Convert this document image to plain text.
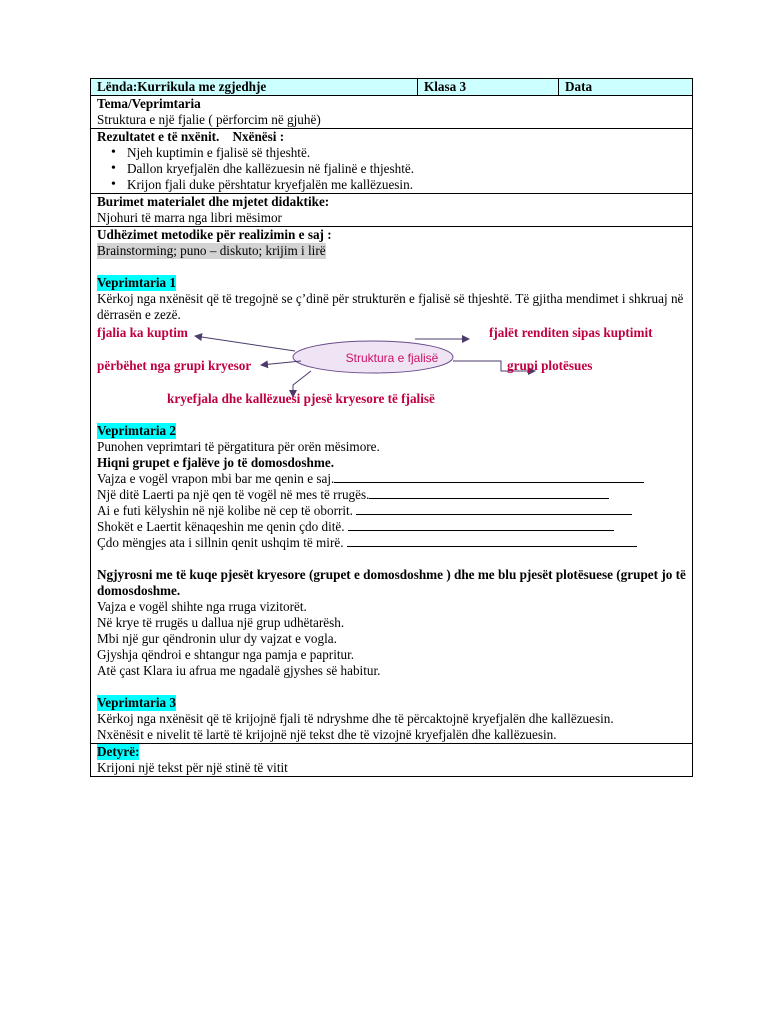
Lënda:Kurrikula me zgjedhje	Klasa 3	Data

Tema/Veprimtaria
Struktura e një fjalie ( përforcim në gjuhë)

Rezultatet e të nxënit. Nxënësi :
• Njeh kuptimin e fjalisë së thjeshtë.
• Dallon kryefjalën dhe kallëzuesin në fjalinë e thjeshtë.
• Krijon fjali duke përshtatur kryefjalën me kallëzuesin.

Burimet materialet dhe mjetet didaktike:
Njohuri të marra nga libri mësimor

Udhëzimet metodike për realizimin e saj :
Brainstorming; puno – diskuto; krijim i lirë
Veprimtaria 1
Kërkoj nga nxënësit që të tregojnë se ç’dinë për strukturën e fjalisë së thjeshtë. Të gjitha mendimet i shkruaj në dërrasën e zezë.
Struktura e fjalisë
fjalia ka kuptim
përbëhet nga grupi kryesor
fjalët renditen sipas kuptimit
grupi plotësues
kryefjala dhe kallëzuesi pjesë kryesore të fjalisë
Veprimtaria 2
Punohen veprimtari të përgatitura për orën mësimore.
Hiqni grupet e fjalëve jo të domosdoshme.
Vajza e vogël vrapon mbi bar me qenin e saj.
Një ditë Laerti pa një qen të vogël në mes të rrugës.
Ai e futi këlyshin në një kolibe në cep të oborrit.
Shokët e Laertit kënaqeshin me qenin çdo ditë.
Çdo mëngjes ata i sillnin qenit ushqim të mirë.
Ngjyrosni me të kuqe pjesët kryesore (grupet e domosdoshme ) dhe me blu pjesët plotësuese (grupet jo të domosdoshme.
Vajza e vogël shihte nga rruga vizitorët.
Në krye të rrugës u dallua një grup udhëtarësh.
Mbi një gur qëndronin ulur dy vajzat e vogla.
Gjyshja qëndroi e shtangur nga pamja e papritur.
Atë çast Klara iu afrua me ngadalë gjyshes së habitur.
Veprimtaria 3
Kërkoj nga nxënësit që të krijojnë fjali të ndryshme dhe të përcaktojnë kryefjalën dhe kallëzuesin.
Nxënësit e nivelit të lartë të krijojnë një tekst dhe të vizojnë kryefjalën dhe kallëzuesin.

Detyrë:
Krijoni një tekst për një stinë të vitit
